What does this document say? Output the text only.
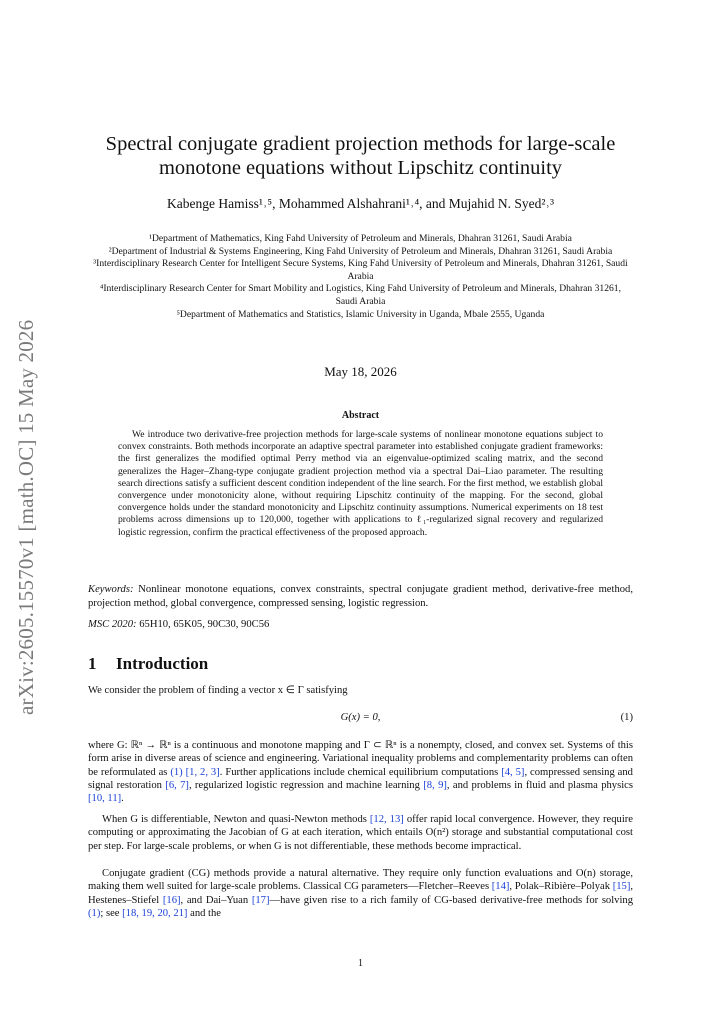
arXiv:2605.15570v1 [math.OC] 15 May 2026
Spectral conjugate gradient projection methods for large-scale
monotone equations without Lipschitz continuity
Kabenge Hamiss¹˒⁵, Mohammed Alshahrani¹˒⁴, and Mujahid N. Syed²˒³
¹Department of Mathematics, King Fahd University of Petroleum and Minerals, Dhahran 31261, Saudi Arabia
²Department of Industrial & Systems Engineering, King Fahd University of Petroleum and Minerals, Dhahran 31261, Saudi Arabia
³Interdisciplinary Research Center for Intelligent Secure Systems, King Fahd University of Petroleum and Minerals, Dhahran 31261, Saudi Arabia
⁴Interdisciplinary Research Center for Smart Mobility and Logistics, King Fahd University of Petroleum and Minerals, Dhahran 31261, Saudi Arabia
⁵Department of Mathematics and Statistics, Islamic University in Uganda, Mbale 2555, Uganda
May 18, 2026
Abstract
We introduce two derivative-free projection methods for large-scale systems of nonlinear monotone equations subject to convex constraints. Both methods incorporate an adaptive spectral parameter into established conjugate gradient frameworks: the first generalizes the modified optimal Perry method via an eigenvalue-optimized scaling matrix, and the second generalizes the Hager–Zhang-type conjugate gradient projection method via a spectral Dai–Liao parameter. The resulting search directions satisfy a sufficient descent condition independent of the line search. For the first method, we establish global convergence under monotonicity alone, without requiring Lipschitz continuity of the mapping. For the second, global convergence holds under the standard monotonicity and Lipschitz continuity assumptions. Numerical experiments on 18 test problems across dimensions up to 120,000, together with applications to ℓ₁-regularized signal recovery and regularized logistic regression, confirm the practical effectiveness of the proposed approach.
Keywords: Nonlinear monotone equations, convex constraints, spectral conjugate gradient method, derivative-free method, projection method, global convergence, compressed sensing, logistic regression.
MSC 2020: 65H10, 65K05, 90C30, 90C56
1 Introduction
We consider the problem of finding a vector x ∈ Γ satisfying
G(x) = 0,	(1)
where G: ℝⁿ → ℝⁿ is a continuous and monotone mapping and Γ ⊂ ℝⁿ is a nonempty, closed, and convex set. Systems of this form arise in diverse areas of science and engineering. Variational inequality problems and complementarity problems can often be reformulated as (1) [1, 2, 3]. Further applications include chemical equilibrium computations [4, 5], compressed sensing and signal restoration [6, 7], regularized logistic regression and machine learning [8, 9], and problems in fluid and plasma physics [10, 11].
When G is differentiable, Newton and quasi-Newton methods [12, 13] offer rapid local convergence. However, they require computing or approximating the Jacobian of G at each iteration, which entails O(n²) storage and substantial computational cost per step. For large-scale problems, or when G is not differentiable, these methods become impractical.
Conjugate gradient (CG) methods provide a natural alternative. They require only function evaluations and O(n) storage, making them well suited for large-scale problems. Classical CG parameters—Fletcher–Reeves [14], Polak–Ribière–Polyak [15], Hestenes–Stiefel [16], and Dai–Yuan [17]—have given rise to a rich family of CG-based derivative-free methods for solving (1); see [18, 19, 20, 21] and the
1
